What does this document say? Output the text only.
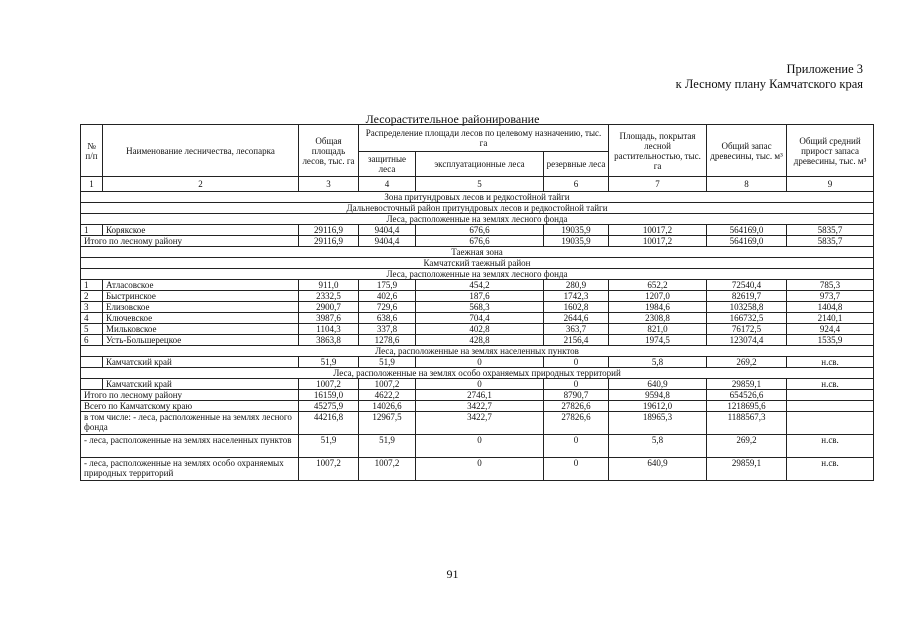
Приложение 3
к Лесному плану Камчатского края
Лесорастительное районирование
№ п/п	Наименование лесничества, лесопарка	Общая площадь лесов, тыс. га	Распределение площади лесов по целевому назначению, тыс. га			Площадь, покрытая лесной растительностью, тыс. га	Общий запас древесины, тыс. м³	Общий средний прирост запаса древесины, тыс. м³
			защитные леса	эксплуатационные леса	резервные леса			
1	2	3	4	5	6	7	8	9
Зона притундровых лесов и редкостойной тайги								
Дальневосточный район притундровых лесов и редкостойной тайги								
Леса, расположенные на землях лесного фонда								
1	Корякское	29116,9	9404,4	676,6	19035,9	10017,2	564169,0	5835,7
Итого по лесному району		29116,9	9404,4	676,6	19035,9	10017,2	564169,0	5835,7
Таежная зона								
Камчатский таежный район								
Леса, расположенные на землях лесного фонда								
1	Атласовское	911,0	175,9	454,2	280,9	652,2	72540,4	785,3
2	Быстринское	2332,5	402,6	187,6	1742,3	1207,0	82619,7	973,7
3	Елизовское	2900,7	729,6	568,3	1602,8	1984,6	103258,8	1404,8
4	Ключевское	3987,6	638,6	704,4	2644,6	2308,8	166732,5	2140,1
5	Мильковское	1104,3	337,8	402,8	363,7	821,0	76172,5	924,4
6	Усть-Большерецкое	3863,8	1278,6	428,8	2156,4	1974,5	123074,4	1535,9
Леса, расположенные на землях населенных пунктов								
	Камчатский край	51,9	51,9	0	0	5,8	269,2	н.св.
Леса, расположенные на землях особо охраняемых природных территорий								
	Камчатский край	1007,2	1007,2	0	0	640,9	29859,1	н.св.
Итого по лесному району		16159,0	4622,2	2746,1	8790,7	9594,8	654526,6	
Всего по Камчатскому краю		45275,9	14026,6	3422,7	27826,6	19612,0	1218695,6	
в том числе: - леса, расположенные на землях лесного фонда		44216,8	12967,5	3422,7	27826,6	18965,3	1188567,3	
- леса, расположенные на землях населенных пунктов		51,9	51,9	0	0	5,8	269,2	н.св.
- леса, расположенные на землях особо охраняемых природных территорий		1007,2	1007,2	0	0	640,9	29859,1	н.св.
91
